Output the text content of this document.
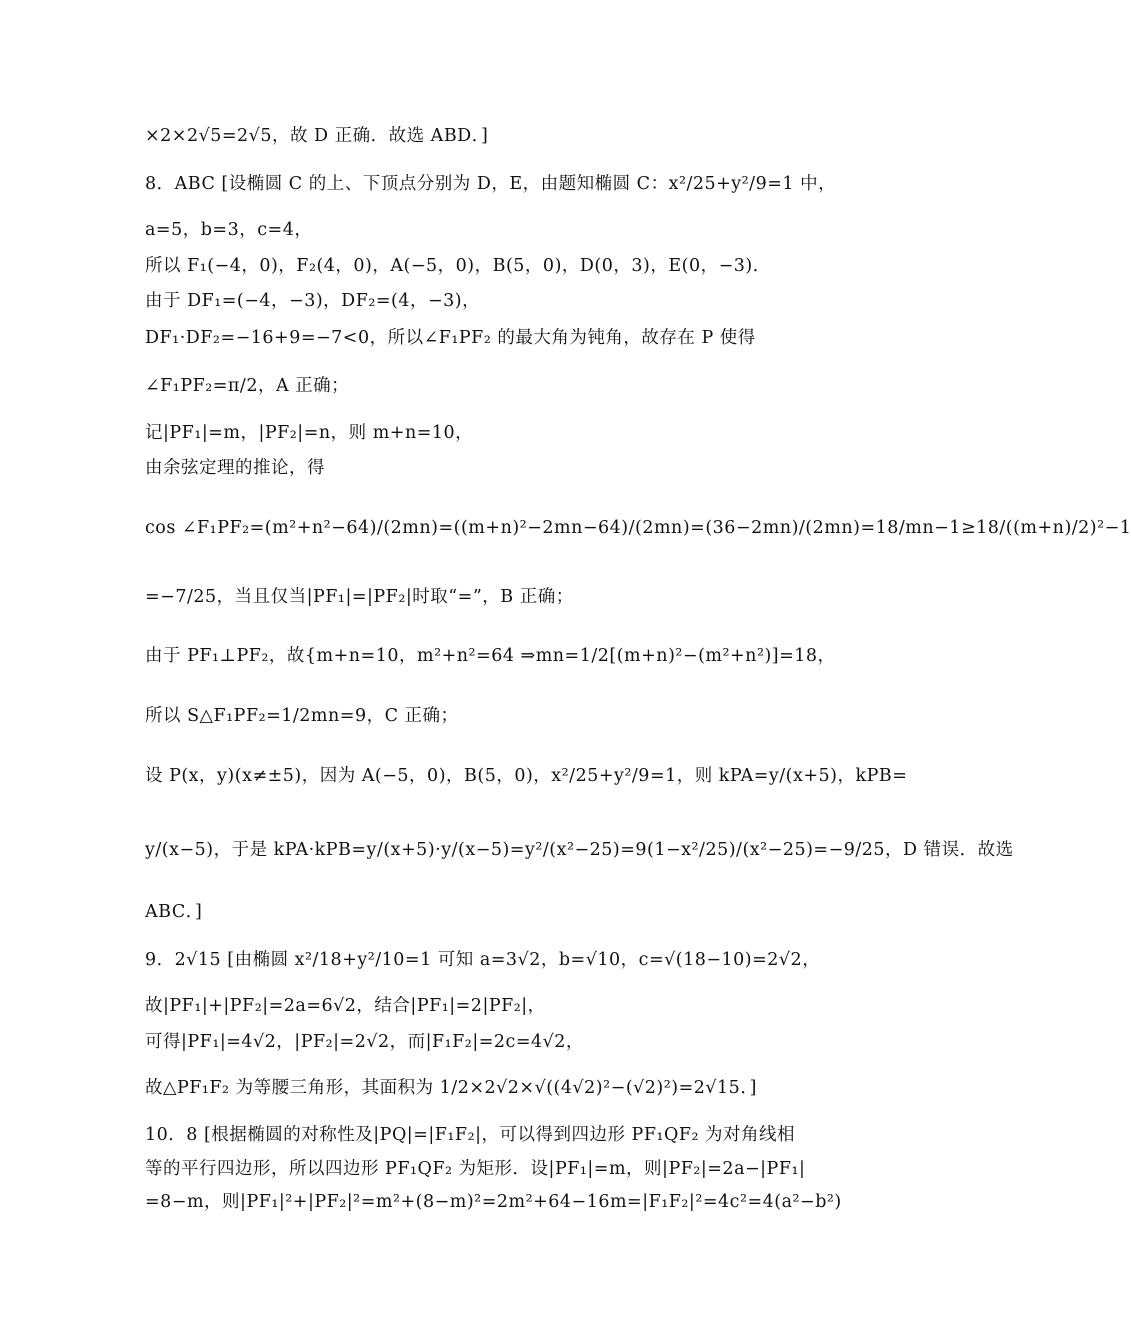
×2×2√5=2√5，故 D 正确．故选 ABD．]
8．ABC [设椭圆 C 的上、下顶点分别为 D，E，由题知椭圆 C：x²/25+y²/9=1 中，
a=5，b=3，c=4，
所以 F₁(−4，0)，F₂(4，0)，A(−5，0)，B(5，0)，D(0，3)，E(0，−3)．
由于 DF₁=(−4，−3)，DF₂=(4，−3)，
DF₁·DF₂=−16+9=−7<0，所以∠F₁PF₂ 的最大角为钝角，故存在 P 使得
∠F₁PF₂=π/2，A 正确；
记|PF₁|=m，|PF₂|=n，则 m+n=10，
由余弦定理的推论，得
cos ∠F₁PF₂=(m²+n²−64)/(2mn)=((m+n)²−2mn−64)/(2mn)=(36−2mn)/(2mn)=18/mn−1≥18/((m+n)/2)²−1
=−7/25，当且仅当|PF₁|=|PF₂|时取“=”，B 正确；
由于 PF₁⊥PF₂，故{m+n=10，m²+n²=64 ⇒mn=1/2[(m+n)²−(m²+n²)]=18，
所以 S△F₁PF₂=1/2mn=9，C 正确；
设 P(x，y)(x≠±5)，因为 A(−5，0)，B(5，0)，x²/25+y²/9=1，则 kPA=y/(x+5)，kPB=
y/(x−5)，于是 kPA·kPB=y/(x+5)·y/(x−5)=y²/(x²−25)=9(1−x²/25)/(x²−25)=−9/25，D 错误．故选
ABC．]
9．2√15 [由椭圆 x²/18+y²/10=1 可知 a=3√2，b=√10，c=√(18−10)=2√2，
故|PF₁|+|PF₂|=2a=6√2，结合|PF₁|=2|PF₂|，
可得|PF₁|=4√2，|PF₂|=2√2，而|F₁F₂|=2c=4√2，
故△PF₁F₂ 为等腰三角形，其面积为 1/2×2√2×√((4√2)²−(√2)²)=2√15．]
10．8 [根据椭圆的对称性及|PQ|=|F₁F₂|，可以得到四边形 PF₁QF₂ 为对角线相
等的平行四边形，所以四边形 PF₁QF₂ 为矩形．设|PF₁|=m，则|PF₂|=2a−|PF₁|
=8−m，则|PF₁|²+|PF₂|²=m²+(8−m)²=2m²+64−16m=|F₁F₂|²=4c²=4(a²−b²)
